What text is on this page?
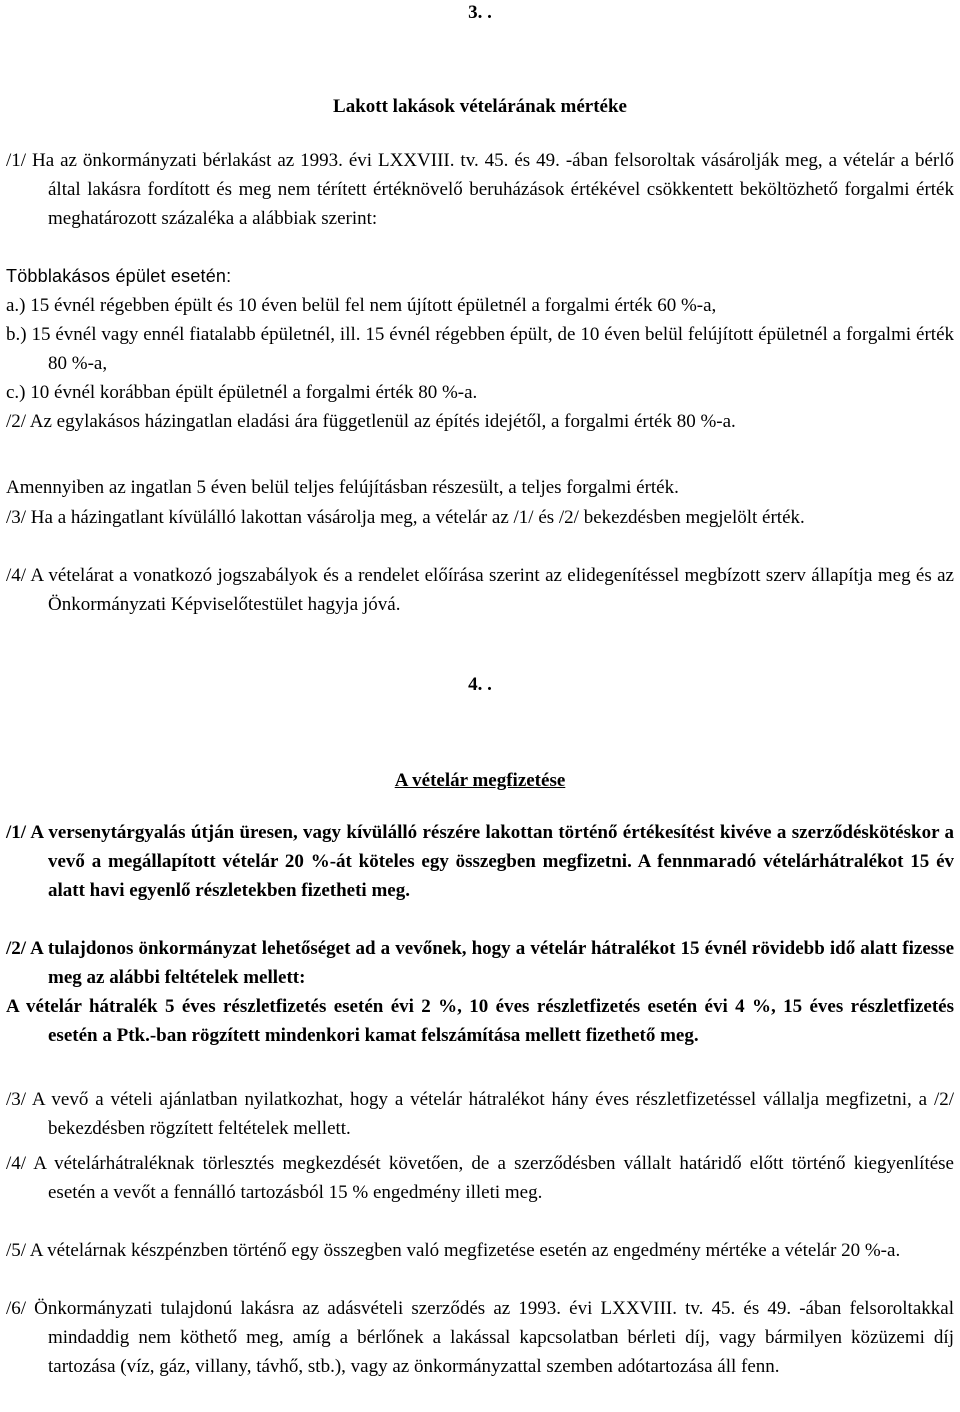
3. .
Lakott lakások vételárának mértéke
/1/ Ha az önkormányzati bérlakást az 1993. évi LXXVIII. tv. 45. és 49. -ában felsoroltak vásárolják meg, a vételár a bérlő által lakásra fordított és meg nem térített értéknövelő beruházások értékével csökkentett beköltözhető forgalmi érték meghatározott százaléka a alábbiak szerint:
Többlakásos épület esetén:
a.) 15 évnél régebben épült és 10 éven belül fel nem újított épületnél a forgalmi érték 60 %-a,
b.) 15 évnél vagy ennél fiatalabb épületnél, ill. 15 évnél régebben épült, de 10 éven belül felújított épületnél a forgalmi érték 80 %-a,
c.) 10 évnél korábban épült épületnél a forgalmi érték 80 %-a.
/2/ Az egylakásos házingatlan eladási ára függetlenül az építés idejétől, a forgalmi érték 80 %-a.
Amennyiben az ingatlan 5 éven belül teljes felújításban részesült, a teljes forgalmi érték.
/3/ Ha a házingatlant kívülálló lakottan vásárolja meg, a vételár az /1/ és /2/ bekezdésben megjelölt érték.
/4/ A vételárat a vonatkozó jogszabályok és a rendelet előírása szerint az elidegenítéssel megbízott szerv állapítja meg és az Önkormányzati Képviselőtestület hagyja jóvá.
4. .
A vételár megfizetése
/1/ A versenytárgyalás útján üresen, vagy kívülálló részére lakottan történő értékesítést kivéve a szerződéskötéskor a vevő a megállapított vételár 20 %-át köteles egy összegben megfizetni. A fennmaradó vételárhátralékot 15 év alatt havi egyenlő részletekben fizetheti meg.
/2/ A tulajdonos önkormányzat lehetőséget ad a vevőnek, hogy a vételár hátralékot 15 évnél rövidebb idő alatt fizesse meg az alábbi feltételek mellett:
A vételár hátralék 5 éves részletfizetés esetén évi 2 %, 10 éves részletfizetés esetén évi 4 %, 15 éves részletfizetés esetén a Ptk.-ban rögzített mindenkori kamat felszámítása mellett fizethető meg.
/3/ A vevő a vételi ajánlatban nyilatkozhat, hogy a vételár hátralékot hány éves részletfizetéssel vállalja megfizetni, a /2/ bekezdésben rögzített feltételek mellett.
/4/ A vételárhátraléknak törlesztés megkezdését követően, de a szerződésben vállalt határidő előtt történő kiegyenlítése esetén a vevőt a fennálló tartozásból 15 % engedmény illeti meg.
/5/ A vételárnak készpénzben történő egy összegben való megfizetése esetén az engedmény mértéke a vételár 20 %-a.
/6/ Önkormányzati tulajdonú lakásra az adásvételi szerződés az 1993. évi LXXVIII. tv. 45. és 49. -ában felsoroltakkal mindaddig nem köthető meg, amíg a bérlőnek a lakással kapcsolatban bérleti díj, vagy bármilyen közüzemi díj tartozása (víz, gáz, villany, távhő, stb.), vagy az önkormányzattal szemben adótartozása áll fenn.
